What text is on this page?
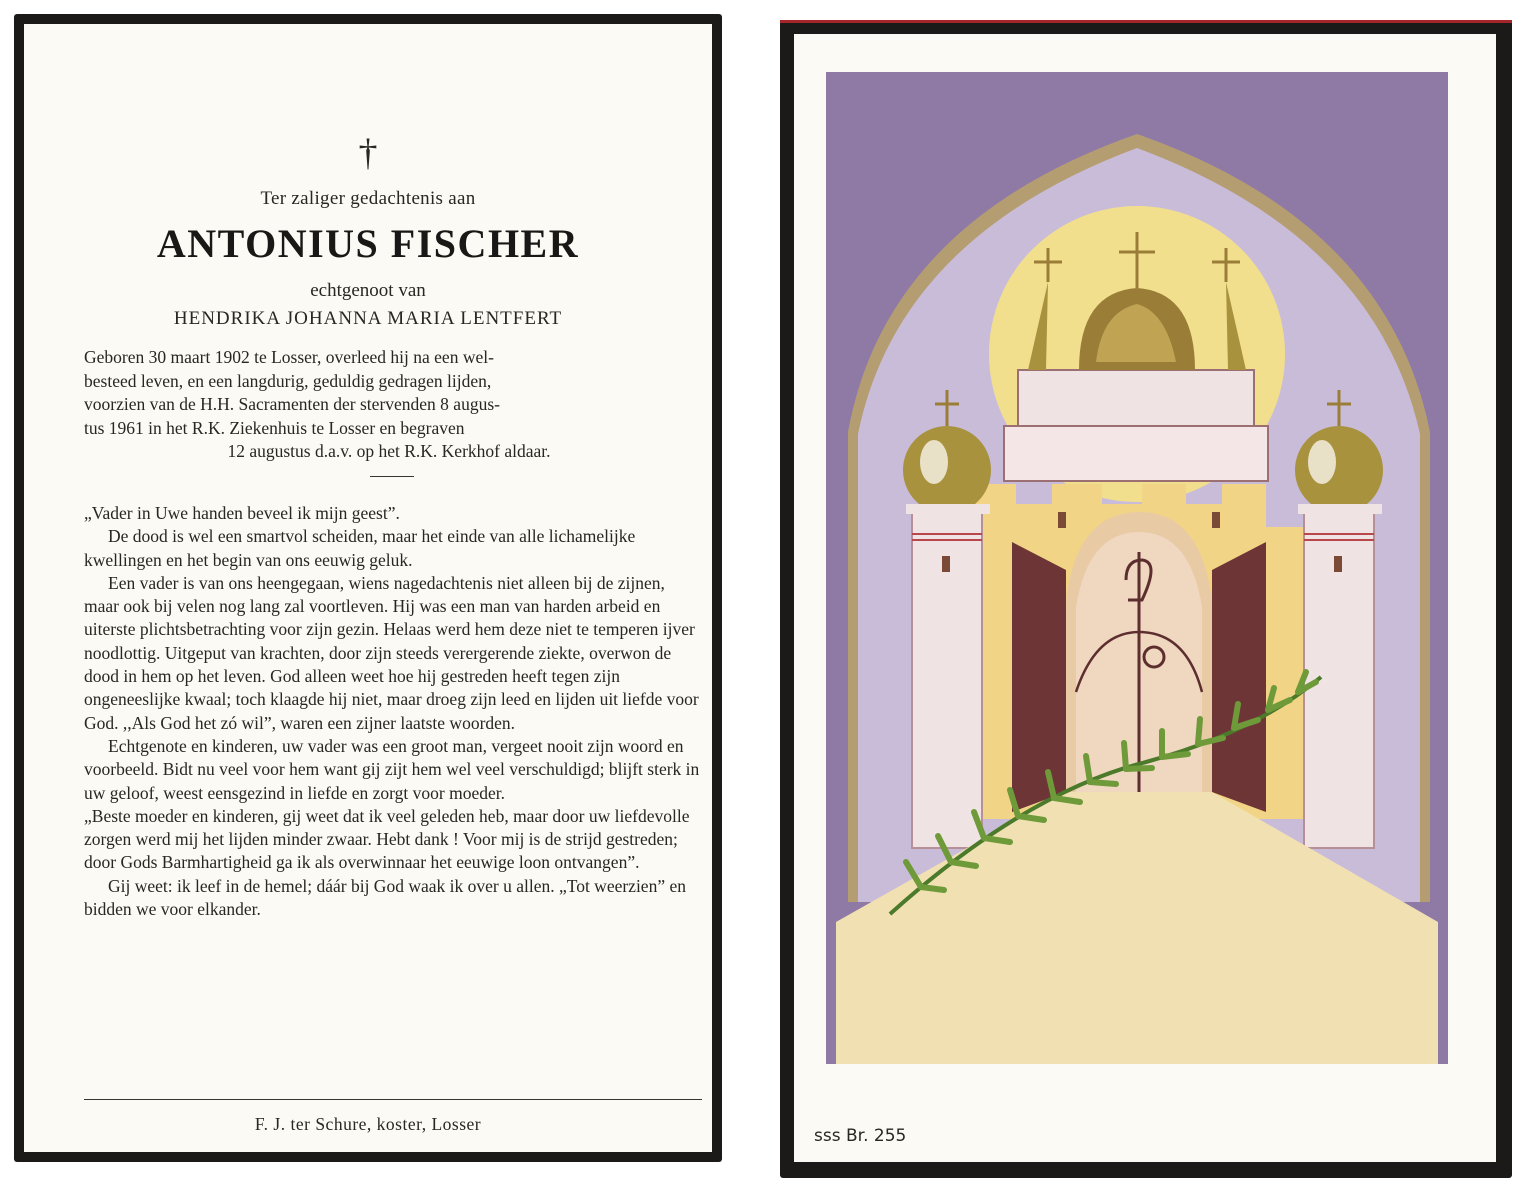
†
Ter zaliger gedachtenis aan
ANTONIUS FISCHER
echtgenoot van
HENDRIKA JOHANNA MARIA LENTFERT
Geboren 30 maart 1902 te Losser, overleed hij na een wel-
besteed leven, en een langdurig, geduldig gedragen lijden,
voorzien van de H.H. Sacramenten der stervenden 8 augus-
tus 1961 in het R.K. Ziekenhuis te Losser en begraven
12 augustus d.a.v. op het R.K. Kerkhof aldaar.

„Vader in Uwe handen beveel ik mijn geest”.

De dood is wel een smartvol scheiden, maar het einde van alle lichamelijke kwellingen en het begin van ons eeuwig geluk.

Een vader is van ons heengegaan, wiens nagedachtenis niet alleen bij de zijnen, maar ook bij velen nog lang zal voortleven. Hij was een man van harden arbeid en uiterste plichtsbetrachting voor zijn gezin. Helaas werd hem deze niet te temperen ijver noodlottig. Uitgeput van krachten, door zijn steeds verergerende ziekte, overwon de dood in hem op het leven. God alleen weet hoe hij gestreden heeft tegen zijn ongeneeslijke kwaal; toch klaagde hij niet, maar droeg zijn leed en lijden uit liefde voor God. ,,Als God het zó wil”, waren een zijner laatste woorden.

Echtgenote en kinderen, uw vader was een groot man, vergeet nooit zijn woord en voorbeeld. Bidt nu veel voor hem want gij zijt hem wel veel verschuldigd; blijft sterk in uw geloof, weest eensgezind in liefde en zorgt voor moeder.

„Beste moeder en kinderen, gij weet dat ik veel geleden heb, maar door uw liefdevolle zorgen werd mij het lijden minder zwaar. Hebt dank ! Voor mij is de strijd gestreden; door Gods Barmhartigheid ga ik als overwinnaar het eeuwige loon ontvangen”.

Gij weet: ik leef in de hemel; dáár bij God waak ik over u allen. „Tot weerzien” en bidden we voor elkander.

F. J. ter Schure, koster, Losser
sss Br. 255
